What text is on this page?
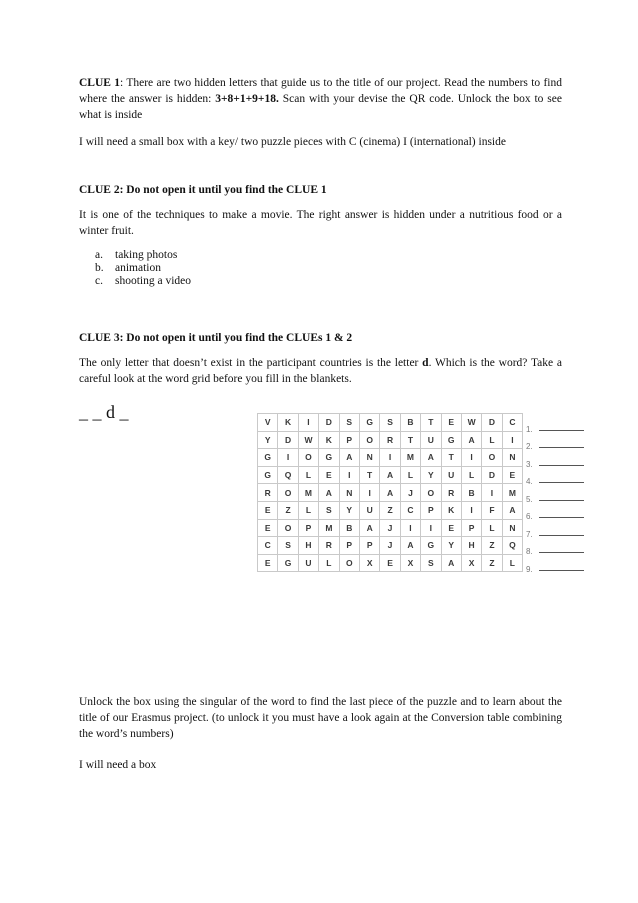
CLUE 1: There are two hidden letters that guide us to the title of our project. Read the numbers to find where the answer is hidden: 3+8+1+9+18. Scan with your devise the QR code. Unlock the box to see what is inside

I will need a small box with a key/ two puzzle pieces with C (cinema) I (international) inside

CLUE 2: Do not open it until you find the CLUE 1

It is one of the techniques to make a movie. The right answer is hidden under a nutritious food or a winter fruit.

a.	taking photos
b. animation
c.	shooting a video

CLUE 3: Do not open it until you find the CLUEs 1 & 2

The only letter that doesn’t exist in the participant countries is the letter d. Which is the word? Take a careful look at the word grid before you fill in the blankets.

_ _ d _
V	K	I	D	S	G	S	B	T	E	W	D	C
Y	D	W	K	P	O	R	T	U	G	A	L	I
G	I	O	G	A	N	I	M	A	T	I	O	N
G	Q	L	E	I	T	A	L	Y	U	L	D	E
R	O	M	A	N	I	A	J	O	R	B	I	M
E	Z	L	S	Y	U	Z	C	P	K	I	F	A
E	O	P	M	B	A	J	I	I	E	P	L	N
C	S	H	R	P	P	J	A	G	Y	H	Z	Q
E	G	U	L	O	X	E	X	S	A	X	Z	L
1.
2.
3.
4.
5.
6.
7.
8.
9.

Unlock the box using the singular of the word to find the last piece of the puzzle and to learn about the title of our Erasmus project. (to unlock it you must have a look again at the Conversion table combining the word’s numbers)

I will need a box
